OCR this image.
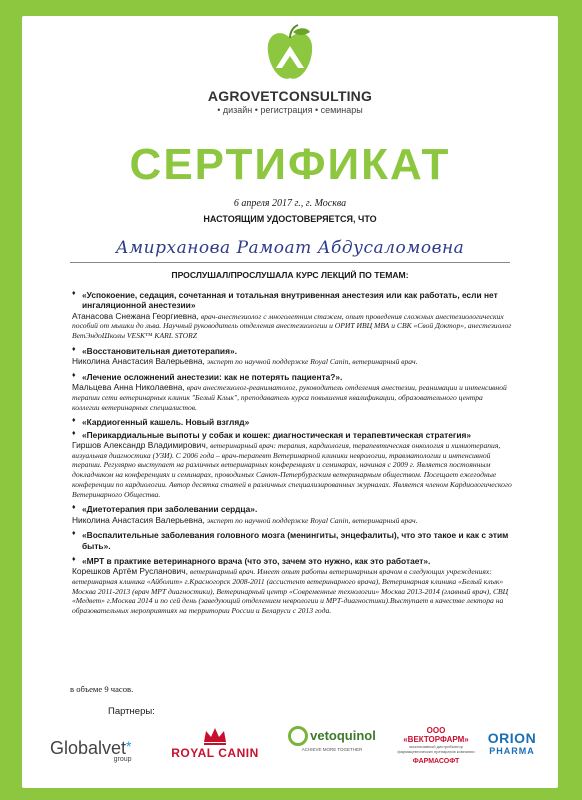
AGROVETCONSULTING
• дизайн • регистрация • семинары
СЕРТИФИКАТ
6 апреля 2017 г., г. Москва
НАСТОЯЩИМ УДОСТОВЕРЯЕТСЯ, ЧТО
Амирханова Рамоат Абдусаломовна
ПРОСЛУШАЛ/ПРОСЛУШАЛА КУРС ЛЕКЦИЙ ПО ТЕМАМ:
♦ «Успокоение, седация, сочетанная и тотальная внутривенная анестезия или как работать, если нет ингаляционной анестезии»
Атанасова Снежана Георгиевна, врач-анестезиолог с многолетним стажем, опыт проведения сложных анестезиологических пособий от мышки до льва. Научный руководитель отделения анестезиологии и ОРИТ ИВЦ МВА и СВК «Свой Доктор», анестезиолог ВетЭндоШколы VESK™ KARL STORZ
♦ «Восстановительная диетотерапия».
Николина Анастасия Валерьевна, эксперт по научной поддержке Royal Canin, ветеринарный врач.
♦ «Лечение осложнений анестезии: как не потерять пациента?».
Мальцева Анна Николаевна, врач анестезиолог-реаниматолог, руководитель отделения анестезии, реанимации и интенсивной терапии сети ветеринарных клиник "Белый Клык", преподаватель курса повышения квалификации, образовательного центра коллегии ветеринарных специалистов.
♦ «Кардиогенный кашель. Новый взгляд»
♦ «Перикардиальные выпоты у собак и кошек: диагностическая и терапевтическая стратегия»
Гиршов Александр Владимирович, ветеринарный врач: терапия, кардиология, терапевтическая онкология и химиотерапия, визуальная диагностика (УЗИ). С 2006 года – врач-терапевт Ветеринарной клиники неврологии, травматологии и интенсивной терапии. Регулярно выступает на различных ветеринарных конференциях и семинарах, начиная с 2009 г. Является постоянным докладчиком на конференциях и семинарах, проводимых Санкт-Петербургским ветеринарным обществом. Посещает ежегодные конференции по кардиологии. Автор десятка статей в различных специализированных журналах. Является членом Кардиологического Ветеринарного Общества.
♦ «Диетотерапия при заболевании сердца».
Николина Анастасия Валерьевна, эксперт по научной поддержке Royal Canin, ветеринарный врач.
♦ «Воспалительные заболевания головного мозга (менингиты, энцефалиты), что это такое и как с этим быть».
♦ «МРТ в практике ветеринарного врача (что это, зачем это нужно, как это работает».
Корешков Артём Русланович, ветеринарный врач. Имеет опыт работы ветеринарным врачом в следующих учреждениях: ветеринарная клиника «Айболит» г.Красногорск 2008-2011 (ассистент ветеринарного врача), Ветеринарная клиника «Белый клык» Москва 2011-2013 (врач МРТ диагностики), Ветеринарный центр «Современные технологии» Москва 2013-2014 (главный врач), СВЦ «Медвет» г.Москва 2014 и по сей день (заведующий отделением неврологии и МРТ-диагностики).Выступает в качестве лектора на образовательных мероприятиях на территории России и Беларуси с 2013 года.
в объеме 9 часов.
Партнеры:
Globalvet*
group	ROYAL CANIN
vetoquinol
ACHIEVE MORE TOGETHER
ООО «ВЕКТОРФАРМ»
эксклюзивный дистрибьютор фармацевтических препаратов компании
ФАРМАСОФТ
ORION
PHARMA
